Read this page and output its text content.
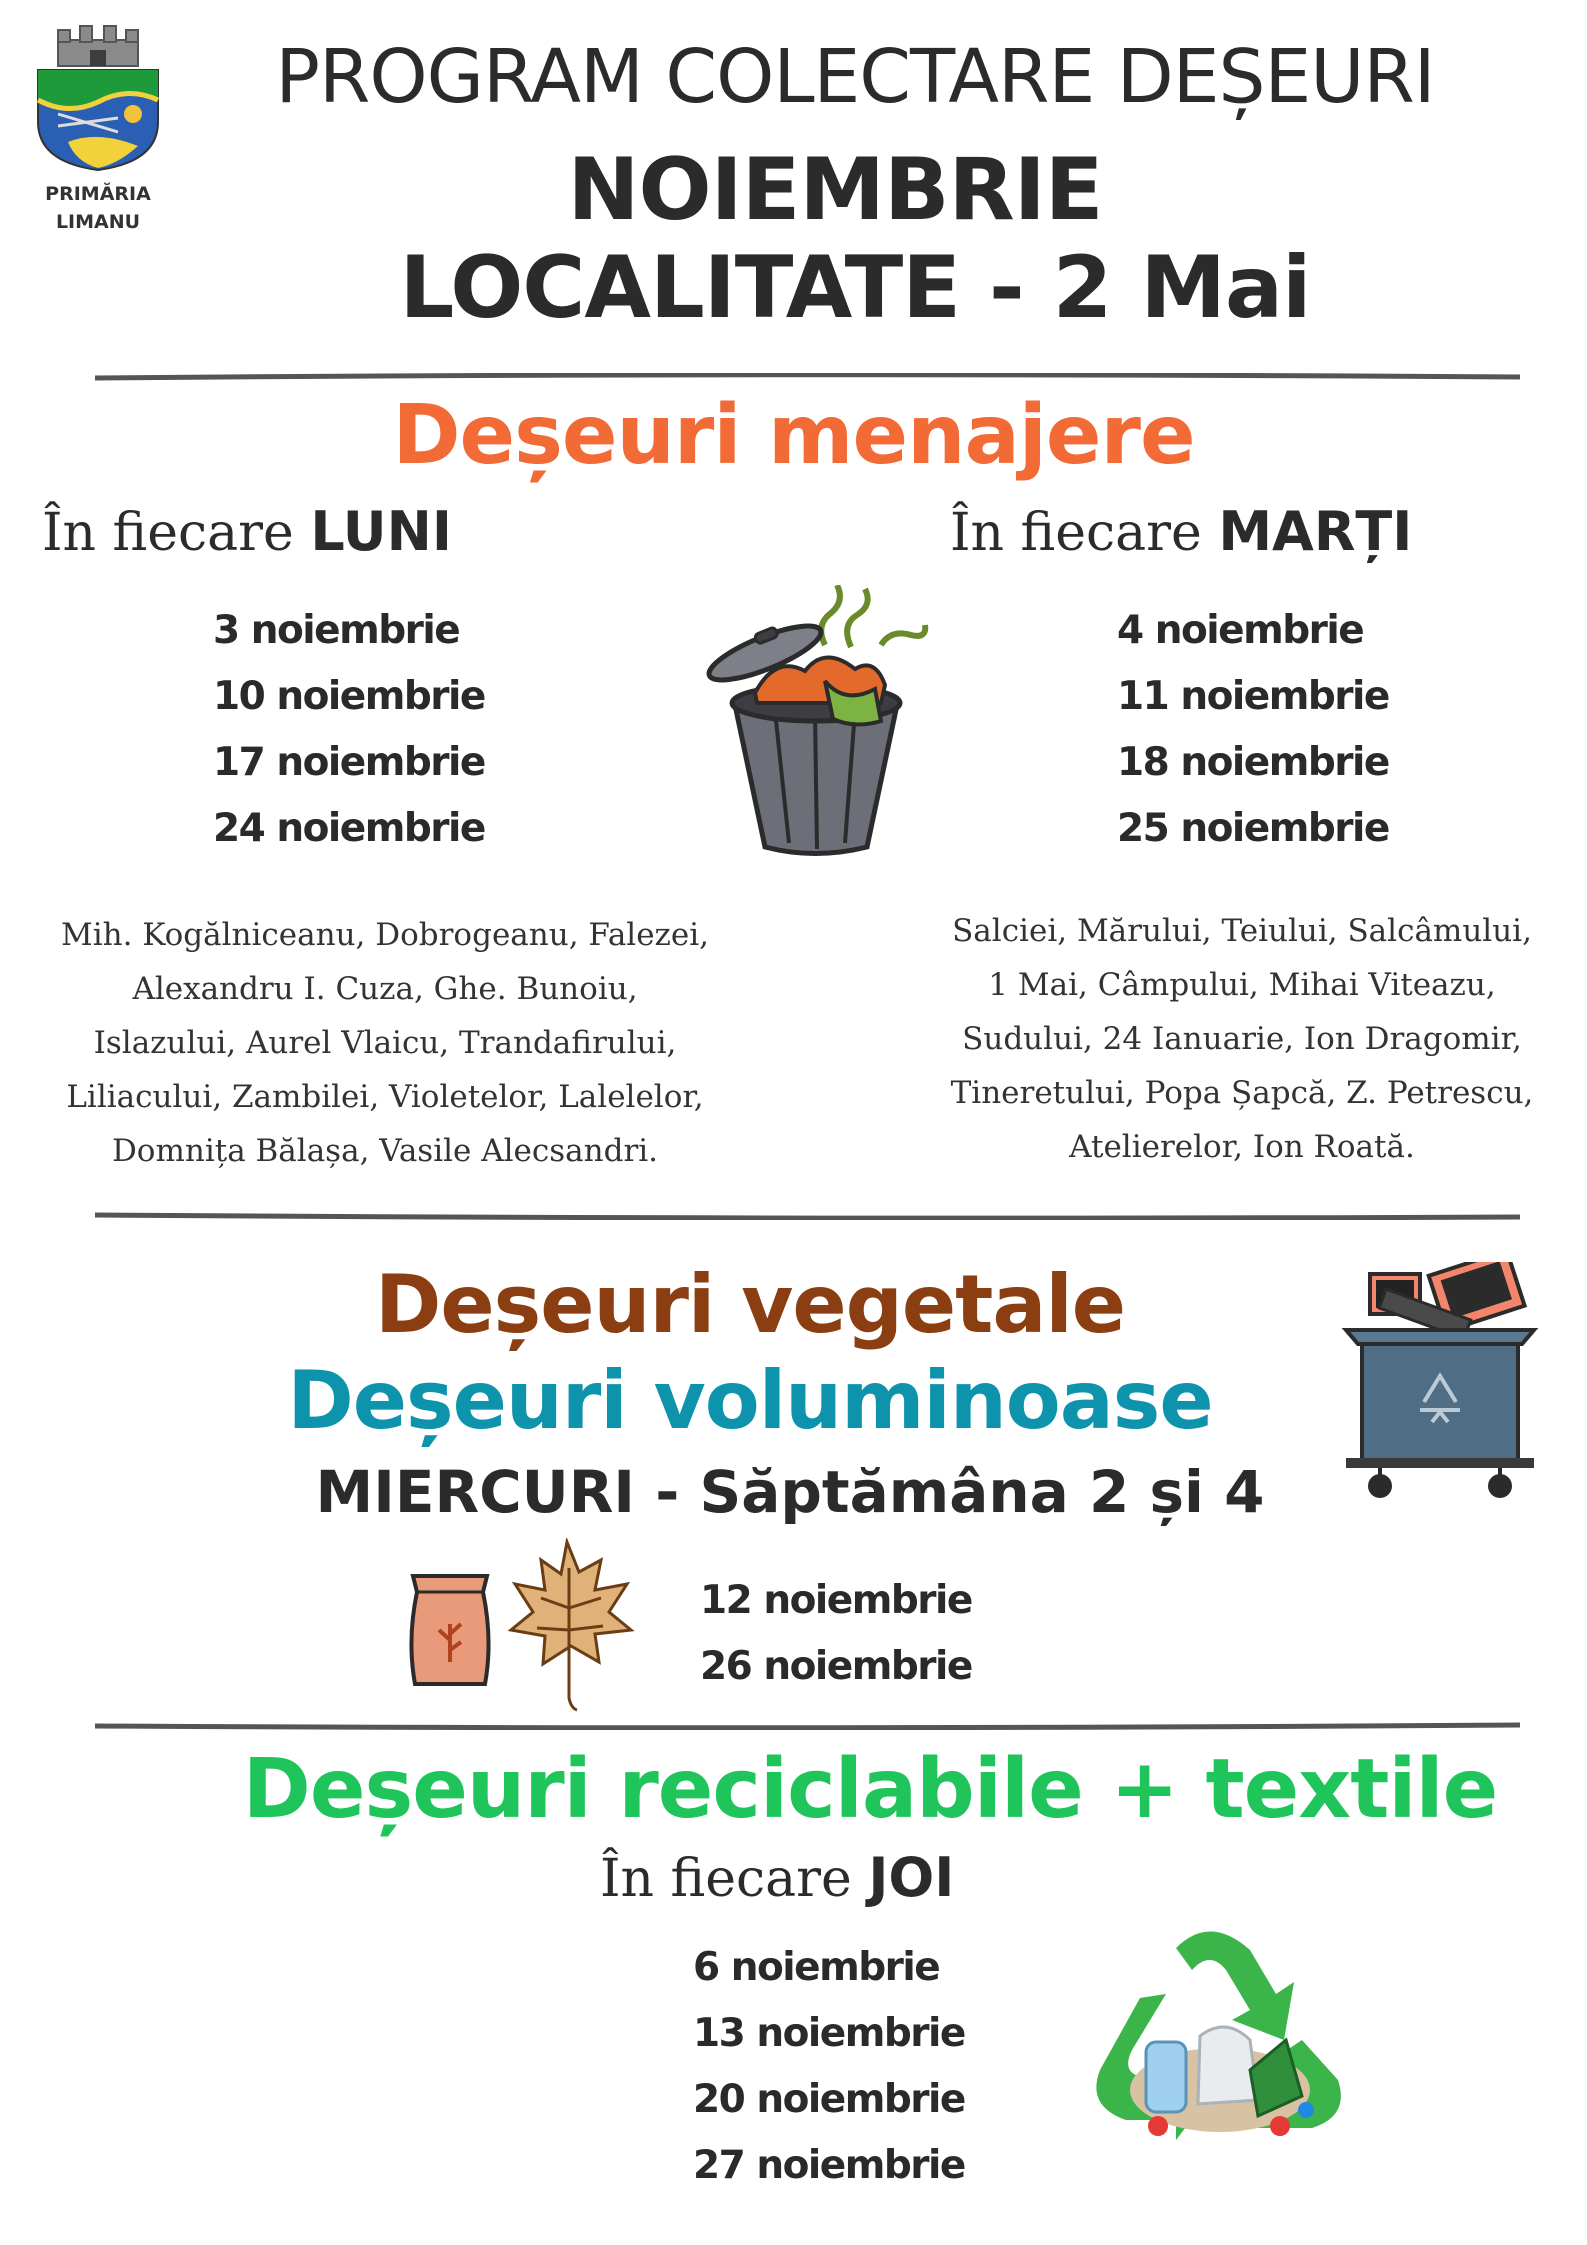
PRIMĂRIA
LIMANU
PROGRAM COLECTARE DEȘEURI
NOIEMBRIE
LOCALITATE - 2 Mai
Deșeuri menajere
În fiecare LUNI	În fiecare MARȚI
3 noiembrie
10 noiembrie
17 noiembrie
24 noiembrie
4 noiembrie
11 noiembrie
18 noiembrie
25 noiembrie
Mih. Kogălniceanu, Dobrogeanu, Falezei,
Alexandru I. Cuza, Ghe. Bunoiu,
Islazului, Aurel Vlaicu, Trandafirului,
Liliacului, Zambilei, Violetelor, Lalelelor,
Domnița Bălașa, Vasile Alecsandri.
Salciei, Mărului, Teiului, Salcâmului,
1 Mai, Câmpului, Mihai Viteazu,
Sudului, 24 Ianuarie, Ion Dragomir,
Tineretului, Popa Șapcă, Z. Petrescu,
Atelierelor, Ion Roată.
Deșeuri vegetale
Deșeuri voluminoase
MIERCURI - Săptămâna 2 și 4
12 noiembrie
26 noiembrie
Deșeuri reciclabile + textile
În fiecare JOI
6 noiembrie
13 noiembrie
20 noiembrie
27 noiembrie
